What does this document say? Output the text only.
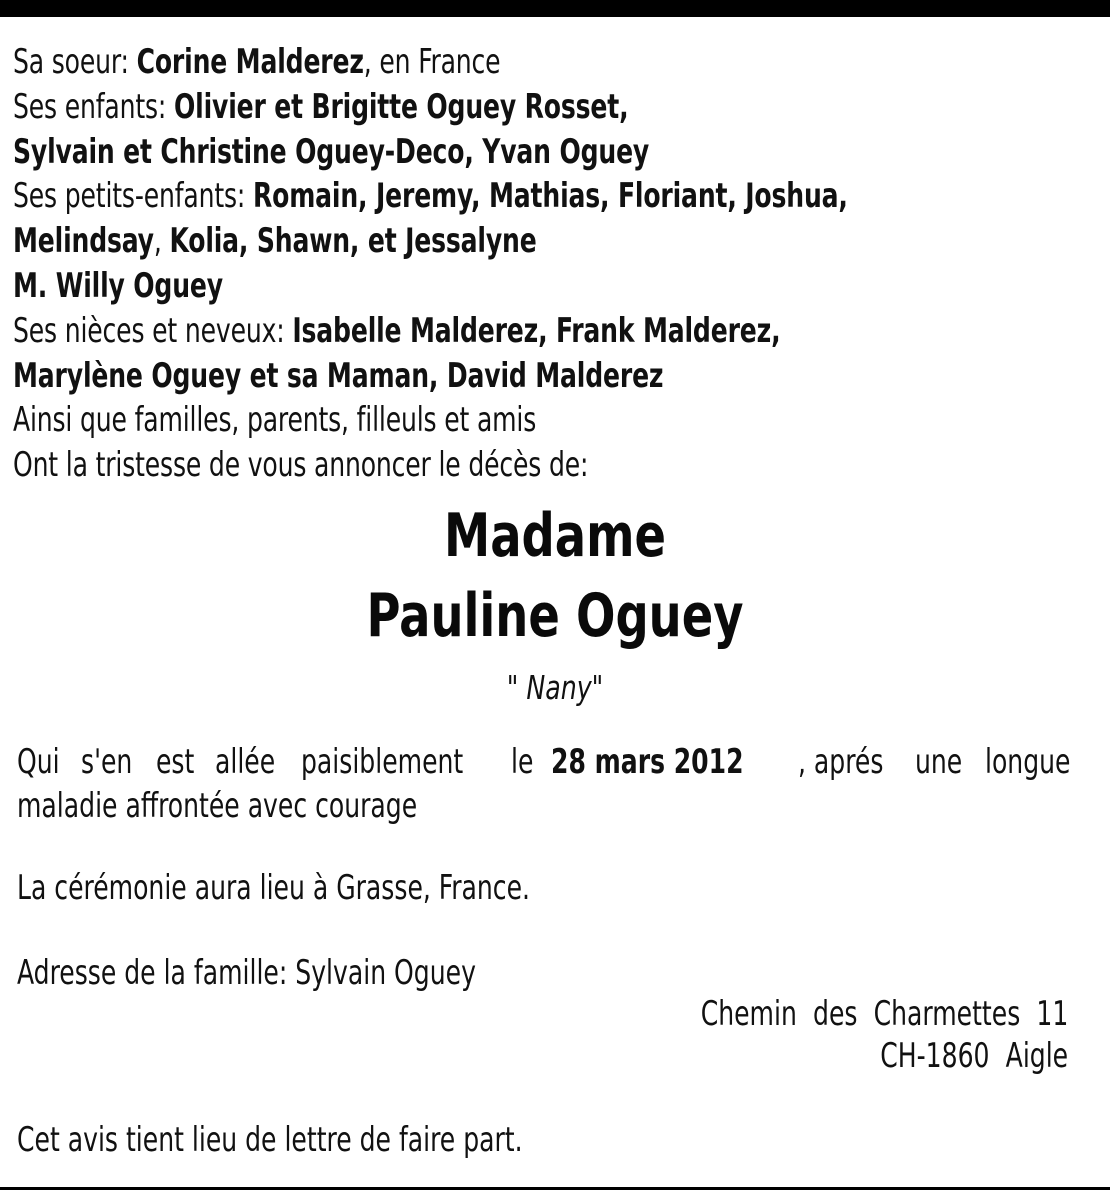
Sa soeur: Corine Malderez, en France
Ses enfants: Olivier et Brigitte Oguey Rosset,
Sylvain et Christine Oguey-Deco, Yvan Oguey
Ses petits-enfants: Romain, Jeremy, Mathias, Floriant, Joshua,
Melindsay, Kolia, Shawn, et Jessalyne
M. Willy Oguey
Ses nièces et neveux: Isabelle Malderez, Frank Malderez,
Marylène Oguey et sa Maman, David Malderez
Ainsi que familles, parents, filleuls et amis
Ont la tristesse de vous annoncer le décès de:
Madame
Pauline Oguey
" Nany"
Qui s'en est allée paisiblement le 28 mars 2012 , aprés une longue
maladie affrontée avec courage
La cérémonie aura lieu à Grasse, France.
Adresse de la famille: Sylvain Oguey
Chemin des Charmettes 11
CH-1860 Aigle
Cet avis tient lieu de lettre de faire part.
